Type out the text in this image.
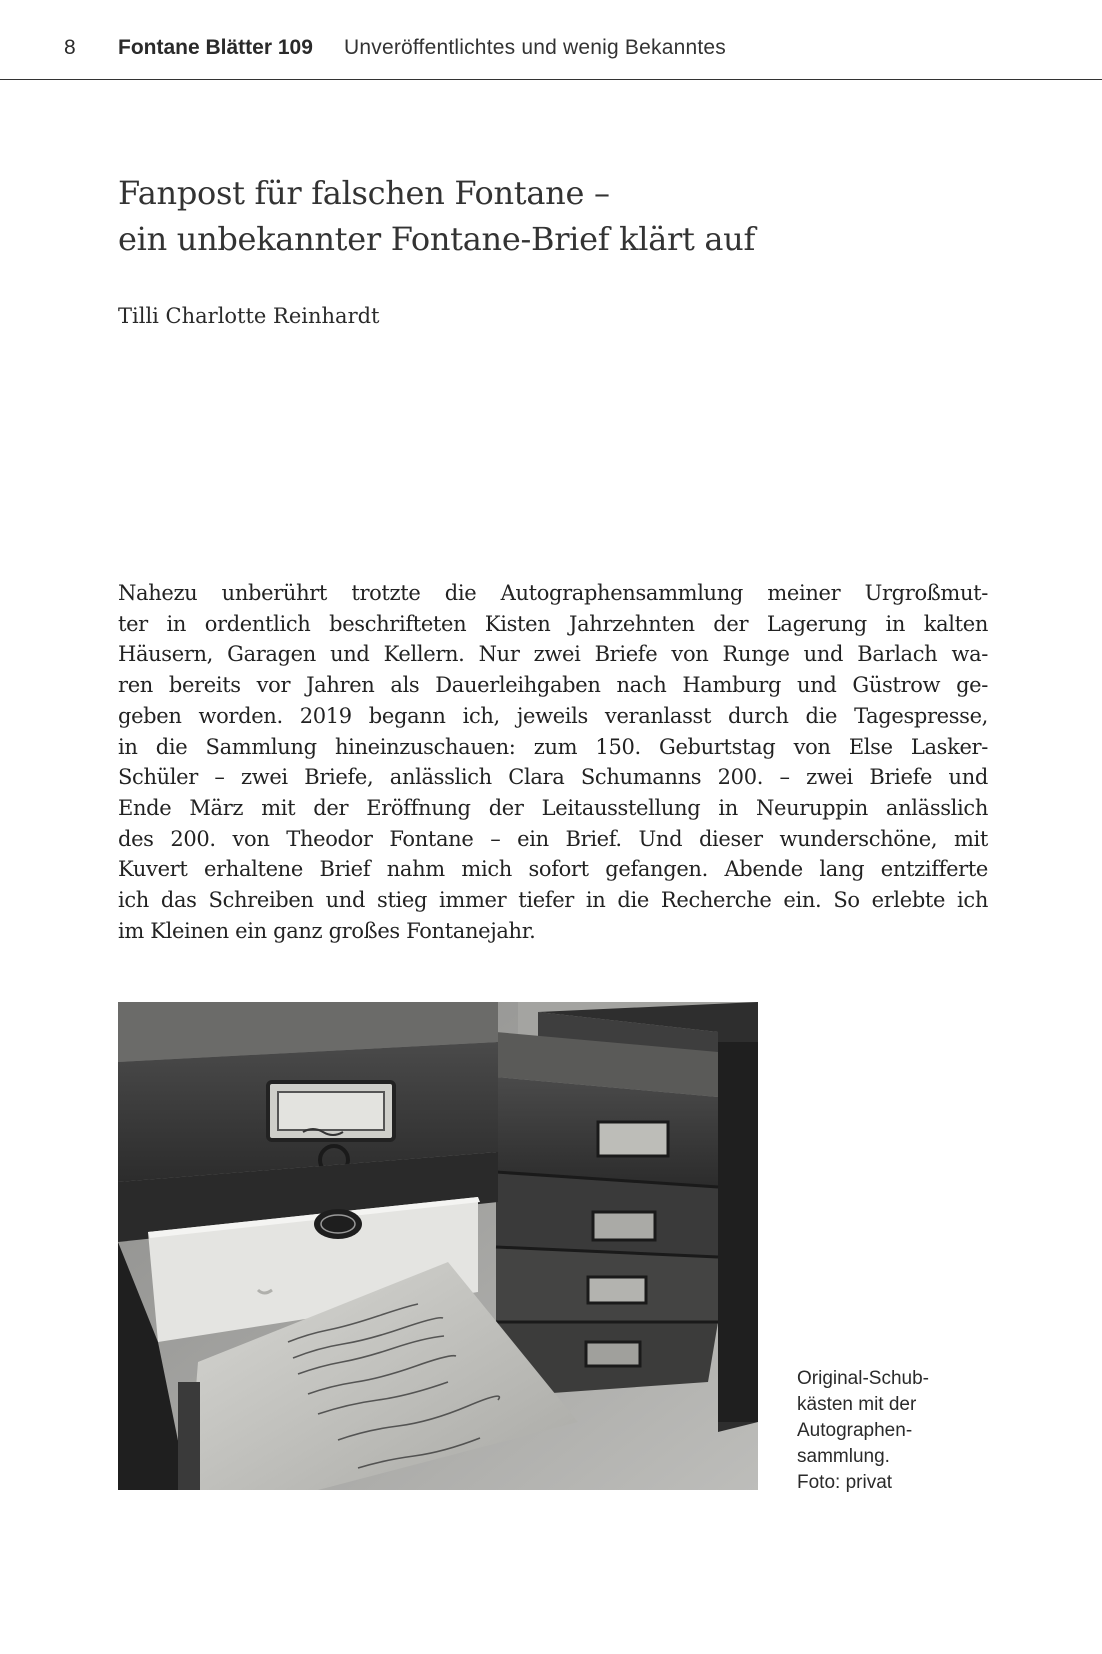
8 Fontane Blätter 109 Unveröffentlichtes und wenig Bekanntes
Fanpost für falschen Fontane –
ein unbekannter Fontane-Brief klärt auf
Tilli Charlotte Reinhardt
Nahezu unberührt trotzte die Autographensammlung meiner Urgroßmut-
ter in ordentlich beschrifteten Kisten Jahrzehnten der Lagerung in kalten
Häusern, Garagen und Kellern. Nur zwei Briefe von Runge und Barlach wa-
ren bereits vor Jahren als Dauerleihgaben nach Hamburg und Güstrow ge-
geben worden. 2019 begann ich, jeweils veranlasst durch die Tagespresse,
in die Sammlung hineinzuschauen: zum 150. Geburtstag von Else Lasker-
Schüler – zwei Briefe, anlässlich Clara Schumanns 200. – zwei Briefe und
Ende März mit der Eröffnung der Leitausstellung in Neuruppin anlässlich
des 200. von Theodor Fontane – ein Brief. Und dieser wunderschöne, mit
Kuvert erhaltene Brief nahm mich sofort gefangen. Abende lang entzifferte
ich das Schreiben und stieg immer tiefer in die Recherche ein. So erlebte ich
im Kleinen ein ganz großes Fontanejahr.
Original-Schub-
kästen mit der
Autographen-
sammlung.
Foto: privat
